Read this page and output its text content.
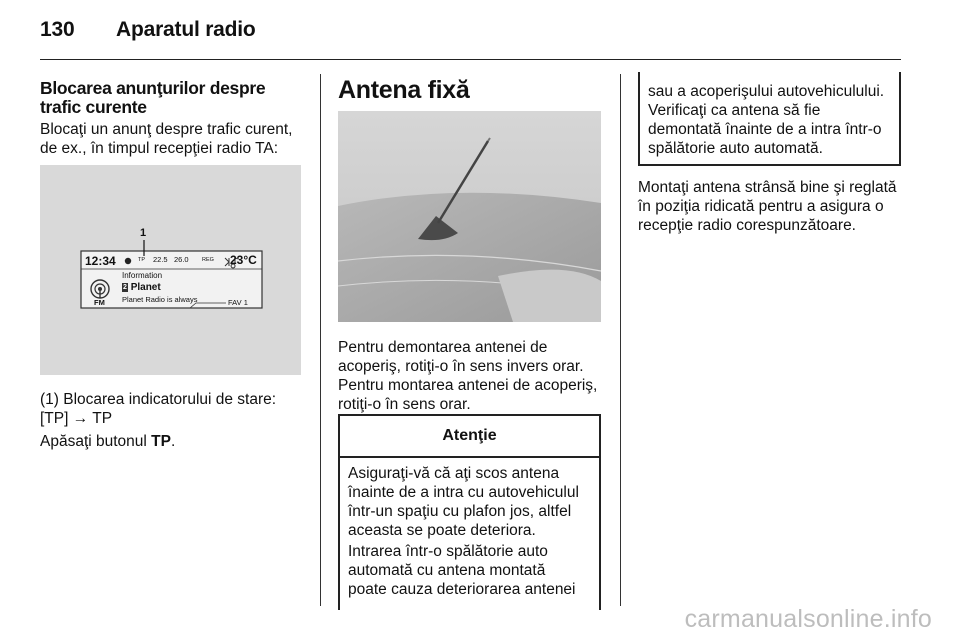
130 Aparatul radio
Blocarea anunţurilor despre
trafic curente
Blocaţi un anunţ despre trafic curent,
de ex., în timpul recepţiei radio TA:
1
12:34	TP 22.5 26.0 REG 23°C
FM
Information
2 Planet
Planet Radio is always	FAV 1
(1) Blocarea indicatorului de stare:
[TP] → TP
Apăsaţi butonul TP.
Antena fixă
Pentru demontarea antenei de
acoperiş, rotiţi-o în sens invers orar.
Pentru montarea antenei de acoperiş,
rotiţi-o în sens orar.
Atenţie
Asiguraţi-vă că aţi scos antena
înainte de a intra cu autovehiculul
într-un spaţiu cu plafon jos, altfel
aceasta se poate deteriora.
Intrarea într-o spălătorie auto
automată cu antena montată
poate cauza deteriorarea antenei
sau a acoperişului autovehiculului.
Verificaţi ca antena să fie
demontată înainte de a intra într-o
spălătorie auto automată.
Montaţi antena strânsă bine şi reglată
în poziţia ridicată pentru a asigura o
recepţie radio corespunzătoare.
carmanualsonline.info
